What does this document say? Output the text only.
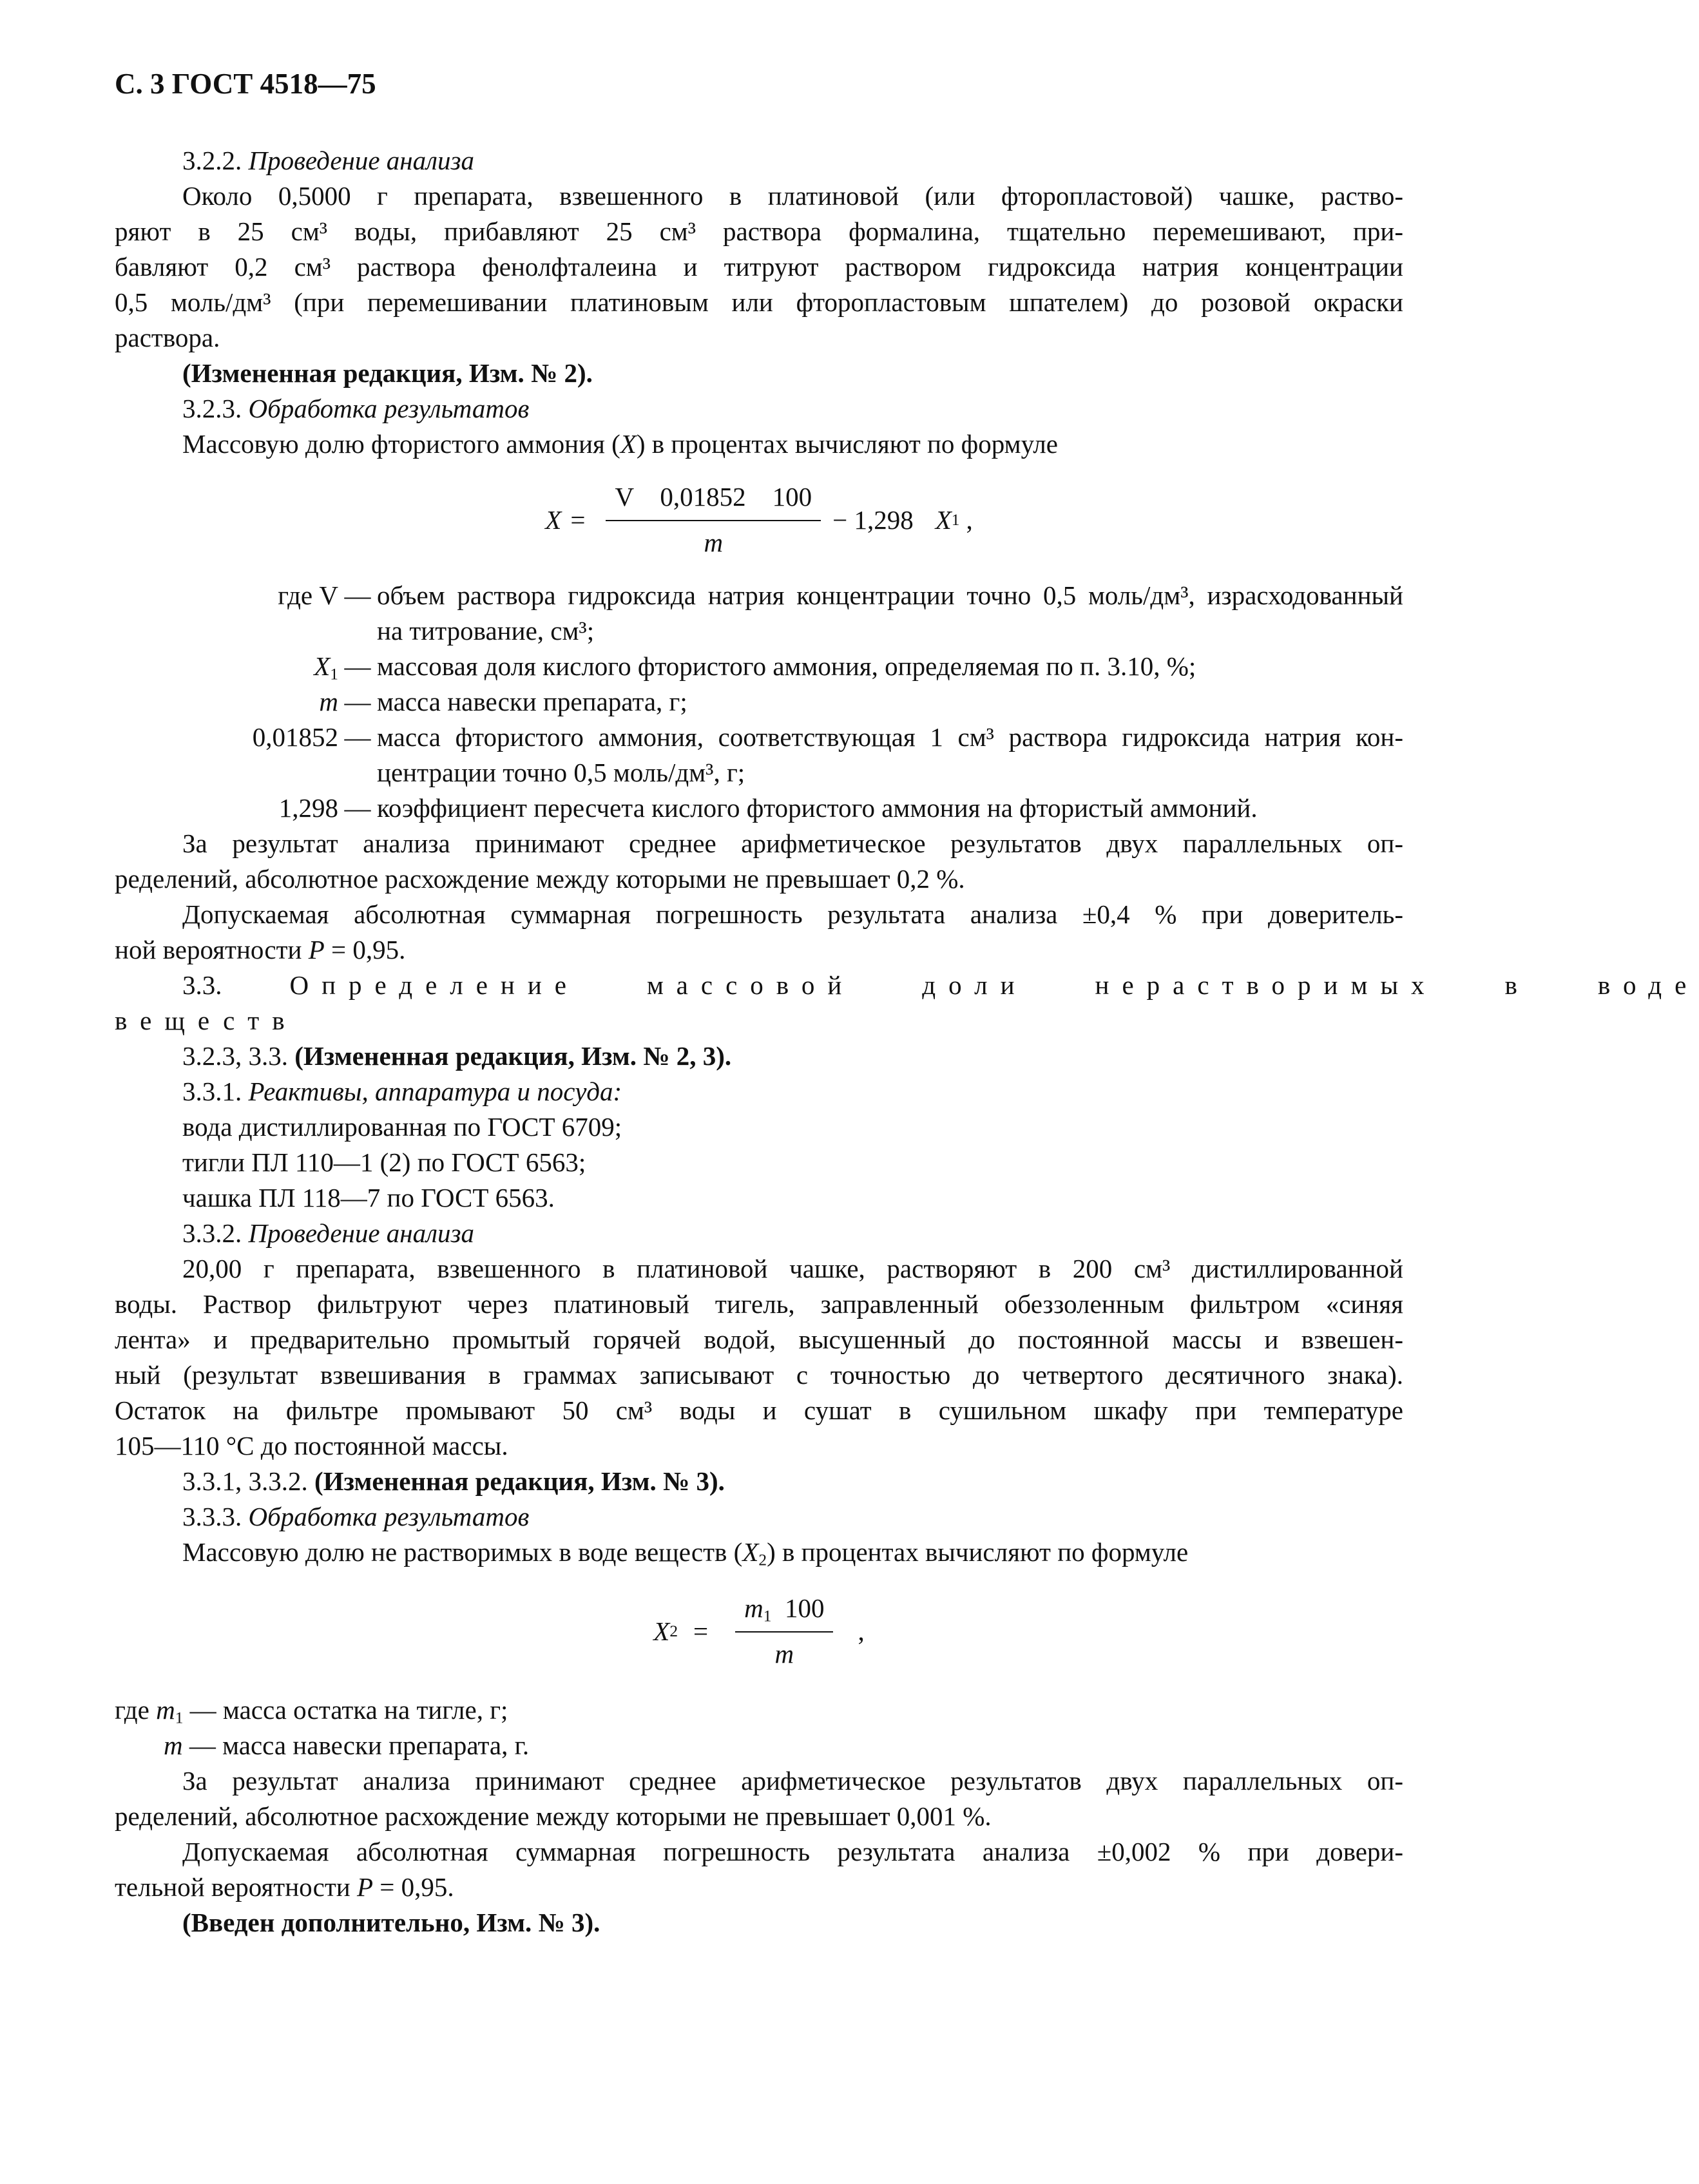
С. 3 ГОСТ 4518—75

3.2.2. Проведение анализа

Около 0,5000 г препарата, взвешенного в платиновой (или фторопластовой) чашке, раство-

ряют в 25 см³ воды, прибавляют 25 см³ раствора формалина, тщательно перемешивают, при-

бавляют 0,2 см³ раствора фенолфталеина и титруют раствором гидроксида натрия концентрации

0,5 моль/дм³ (при перемешивании платиновым или фторопластовым шпателем) до розовой окраски

раствора.

(Измененная редакция, Изм. № 2).

3.2.3. Обработка результатов

Массовую долю фтористого аммония (X) в процентах вычисляют по формуле

$X = \frac{V 0,01852 100}{m} - 1,298$ X 1 ,
где V — объем раствора гидроксида натрия концентрации точно 0,5 моль/дм³, израсходованный
на титрование, см³;
$X_1$ — массовая доля кислого фтористого аммония, определяемая по п. 3.10, %;
m — масса навески препарата, г;
0,01852 — масса фтористого аммония, соответствующая 1 см³ раствора гидроксида натрия кон-
центрации точно 0,5 моль/дм³, г;
1,298 — коэффициент пересчета кислого фтористого аммония на фтористый аммоний.

За результат анализа принимают среднее арифметическое результатов двух параллельных оп-

ределений, абсолютное расхождение между которыми не превышает 0,2 %.

Допускаемая абсолютная суммарная погрешность результата анализа ±0,4 % при доверитель-

ной вероятности P = 0,95.

3.3.	Определение	массовой	доли	нерастворимых	в	воде

веществ

3.2.3, 3.3. (Измененная редакция, Изм. № 2, 3).

3.3.1. Реактивы, аппаратура и посуда:

вода дистиллированная по ГОСТ 6709;

тигли ПЛ 110—1 (2) по ГОСТ 6563;

чашка ПЛ 118—7 по ГОСТ 6563.

3.3.2. Проведение анализа

20,00 г препарата, взвешенного в платиновой чашке, растворяют в 200 см³ дистиллированной

воды. Раствор фильтруют через платиновый тигель, заправленный обеззоленным фильтром «синяя

лента» и предварительно промытый горячей водой, высушенный до постоянной массы и взвешен-

ный (результат взвешивания в граммах записывают с точностью до четвертого десятичного знака).

Остаток на фильтре промывают 50 см³ воды и сушат в сушильном шкафу при температуре

105—110 °С до постоянной массы.

3.3.1, 3.3.2. (Измененная редакция, Изм. № 3).

3.3.3. Обработка результатов

Массовую долю не растворимых в воде веществ $(X_2)$ в процентах вычисляют по формуле

X $2 = \frac{m_1 100}{m}$ ,

где $m_1$ — масса остатка на тигле, г;

m — масса навески препарата, г.

За результат анализа принимают среднее арифметическое результатов двух параллельных оп-

ределений, абсолютное расхождение между которыми не превышает 0,001 %.

Допускаемая абсолютная суммарная погрешность результата анализа ±0,002 % при довери-

тельной вероятности P = 0,95.

(Введен дополнительно, Изм. № 3).
